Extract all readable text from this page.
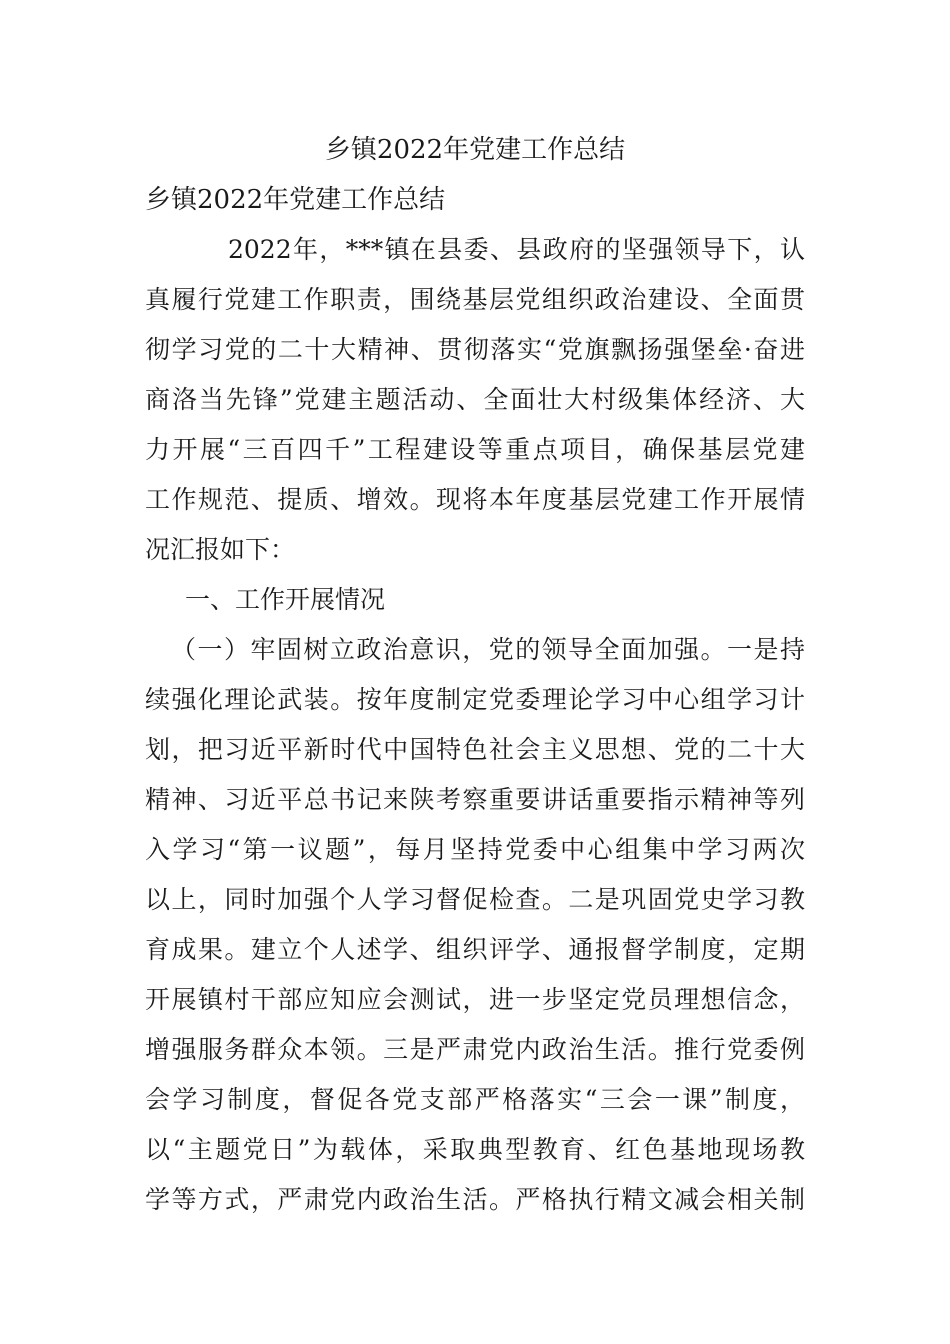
乡镇2022年党建工作总结
乡镇2022年党建工作总结
2022年，***镇在县委、县政府的坚强领导下，认
真履行党建工作职责，围绕基层党组织政治建设、全面贯
彻学习党的二十大精神、贯彻落实“党旗飘扬强堡垒·奋进
商洛当先锋”党建主题活动、全面壮大村级集体经济、大
力开展“三百四千”工程建设等重点项目，确保基层党建
工作规范、提质、增效。现将本年度基层党建工作开展情
况汇报如下：
一、工作开展情况
（一）牢固树立政治意识，党的领导全面加强。一是持
续强化理论武装。按年度制定党委理论学习中心组学习计
划，把习近平新时代中国特色社会主义思想、党的二十大
精神、习近平总书记来陕考察重要讲话重要指示精神等列
入学习“第一议题”，每月坚持党委中心组集中学习两次
以上，同时加强个人学习督促检查。二是巩固党史学习教
育成果。建立个人述学、组织评学、通报督学制度，定期
开展镇村干部应知应会测试，进一步坚定党员理想信念，
增强服务群众本领。三是严肃党内政治生活。推行党委例
会学习制度，督促各党支部严格落实“三会一课”制度，
以“主题党日”为载体，采取典型教育、红色基地现场教
学等方式，严肃党内政治生活。严格执行精文减会相关制
